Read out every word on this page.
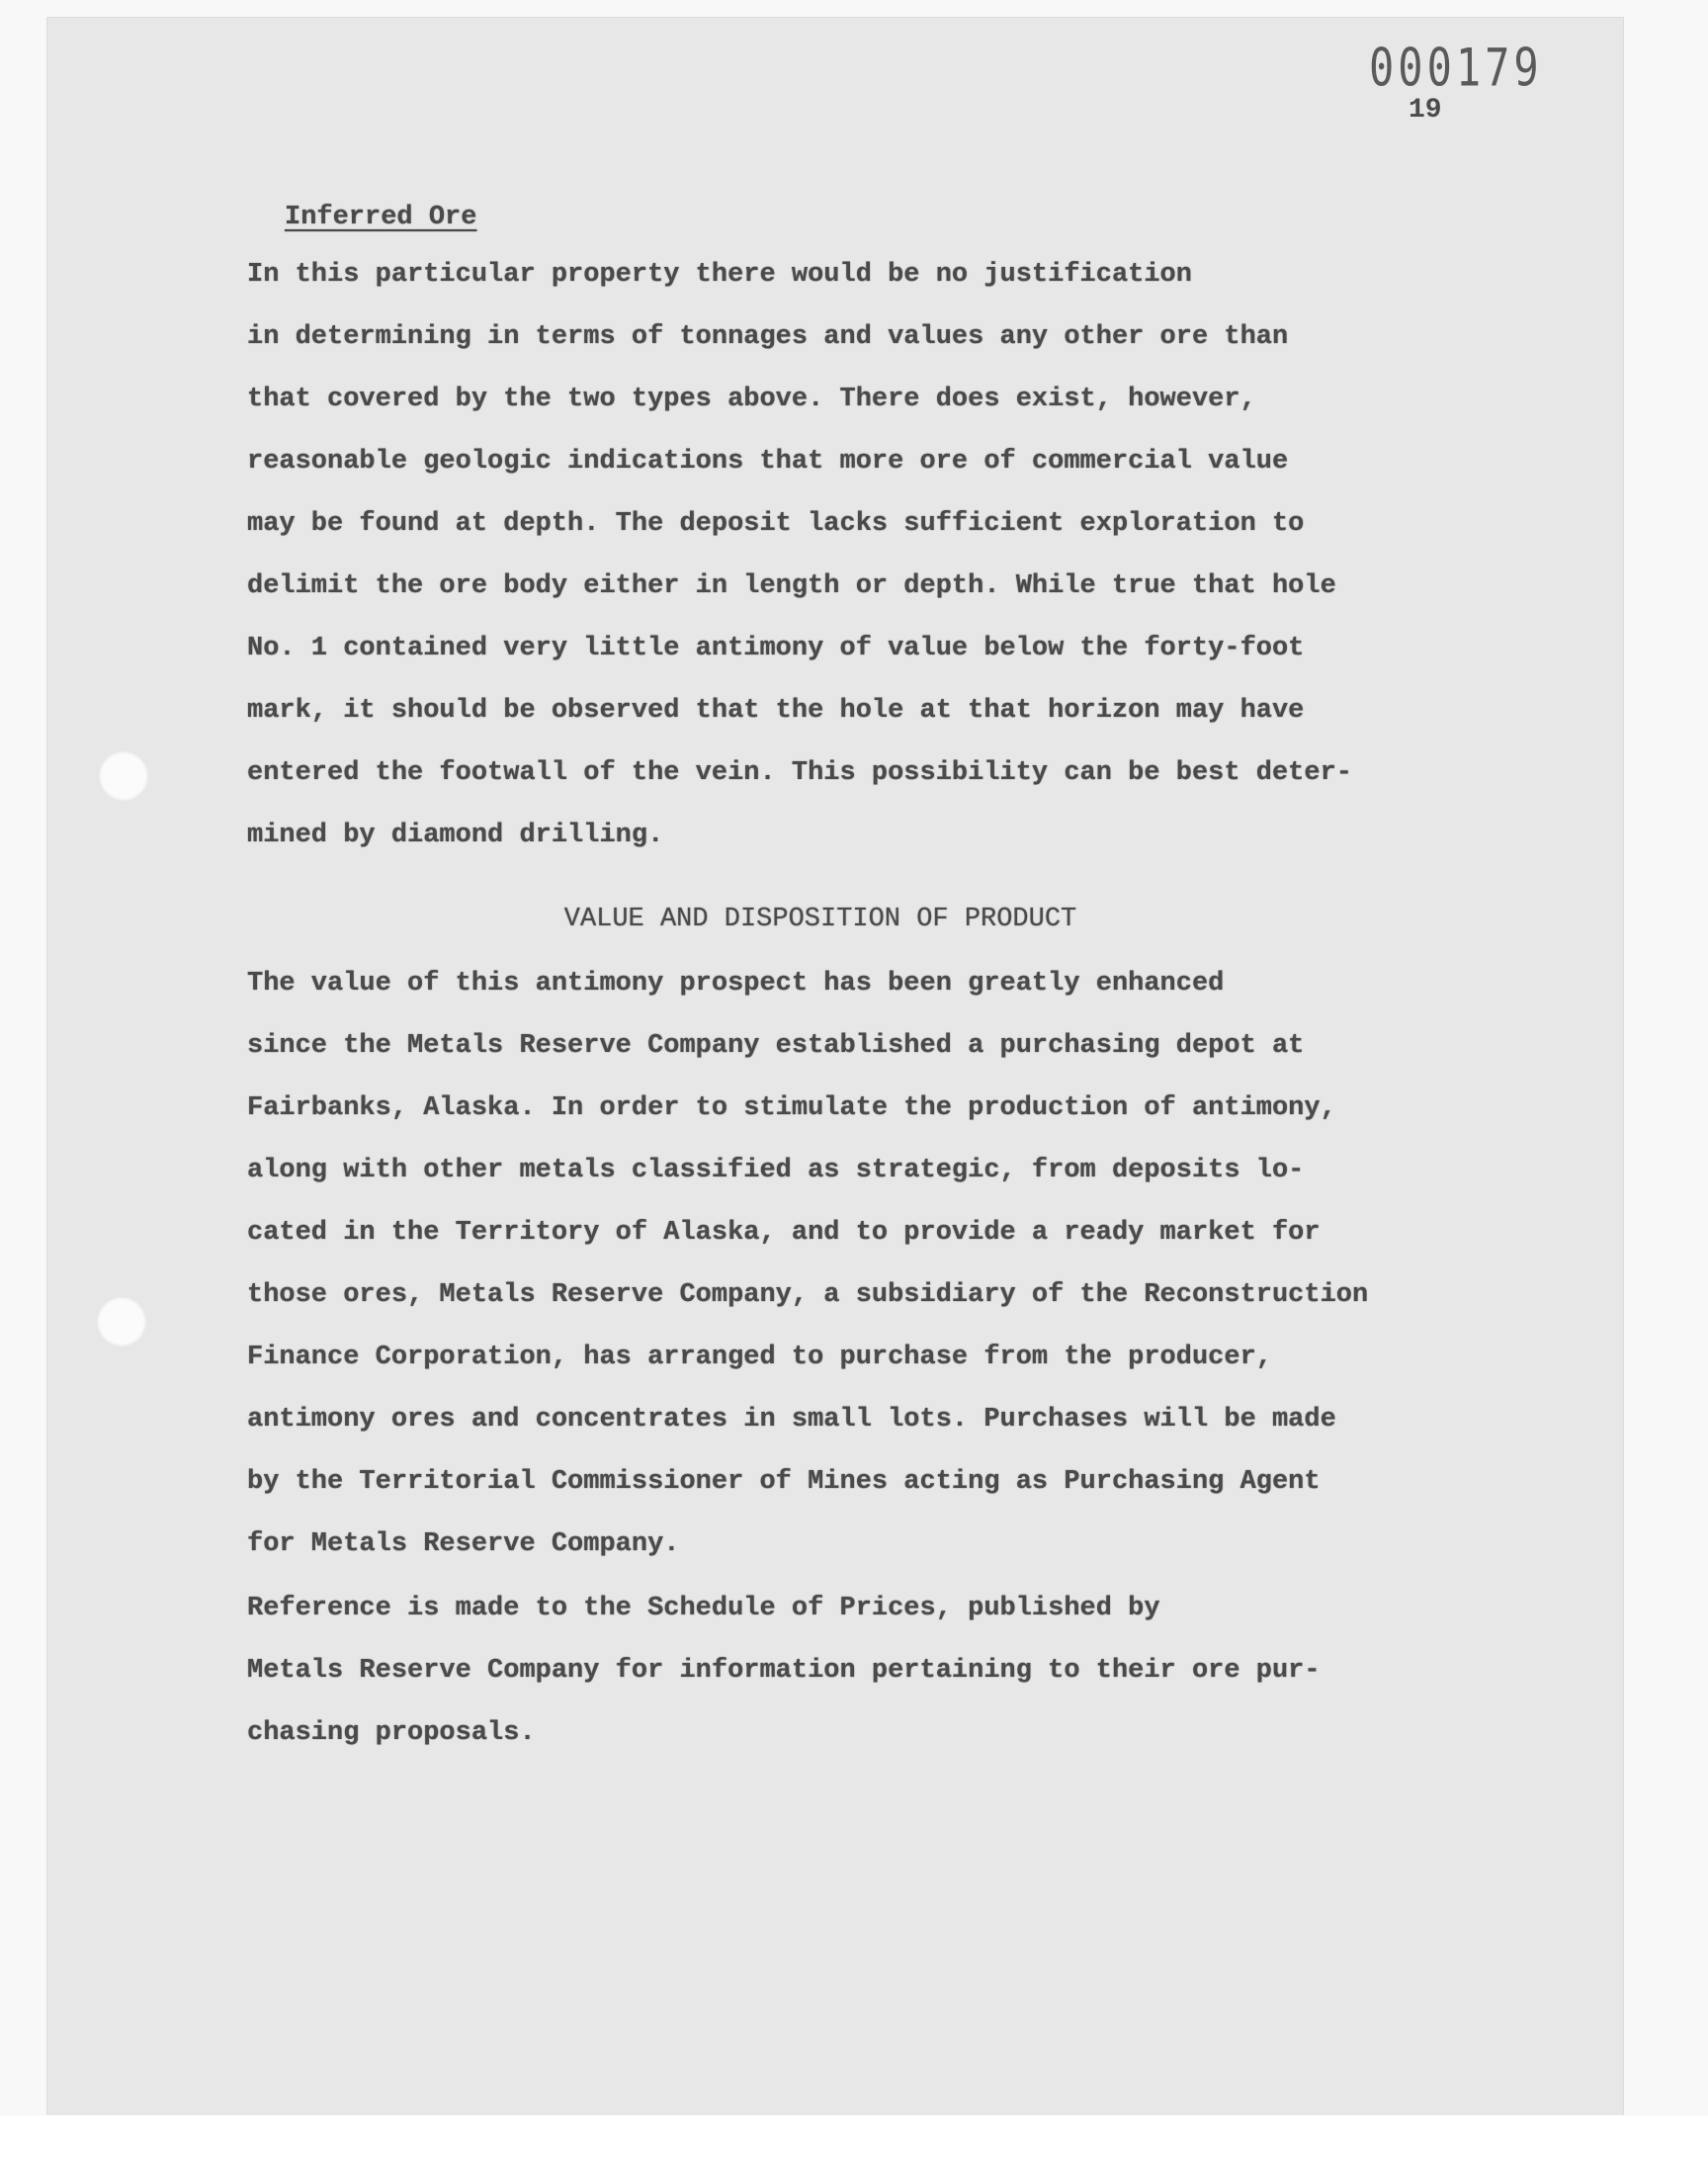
000179
19
Inferred Ore

In this particular property there would be no justification
in determining in terms of tonnages and values any other ore than
that covered by the two types above. There does exist, however,
reasonable geologic indications that more ore of commercial value
may be found at depth. The deposit lacks sufficient exploration to
delimit the ore body either in length or depth. While true that hole
No. 1 contained very little antimony of value below the forty-foot
mark, it should be observed that the hole at that horizon may have
entered the footwall of the vein. This possibility can be best deter-
mined by diamond drilling.

VALUE AND DISPOSITION OF PRODUCT

The value of this antimony prospect has been greatly enhanced
since the Metals Reserve Company established a purchasing depot at
Fairbanks, Alaska. In order to stimulate the production of antimony,
along with other metals classified as strategic, from deposits lo-
cated in the Territory of Alaska, and to provide a ready market for
those ores, Metals Reserve Company, a subsidiary of the Reconstruction
Finance Corporation, has arranged to purchase from the producer,
antimony ores and concentrates in small lots. Purchases will be made
by the Territorial Commissioner of Mines acting as Purchasing Agent
for Metals Reserve Company.

Reference is made to the Schedule of Prices, published by
Metals Reserve Company for information pertaining to their ore pur-
chasing proposals.
